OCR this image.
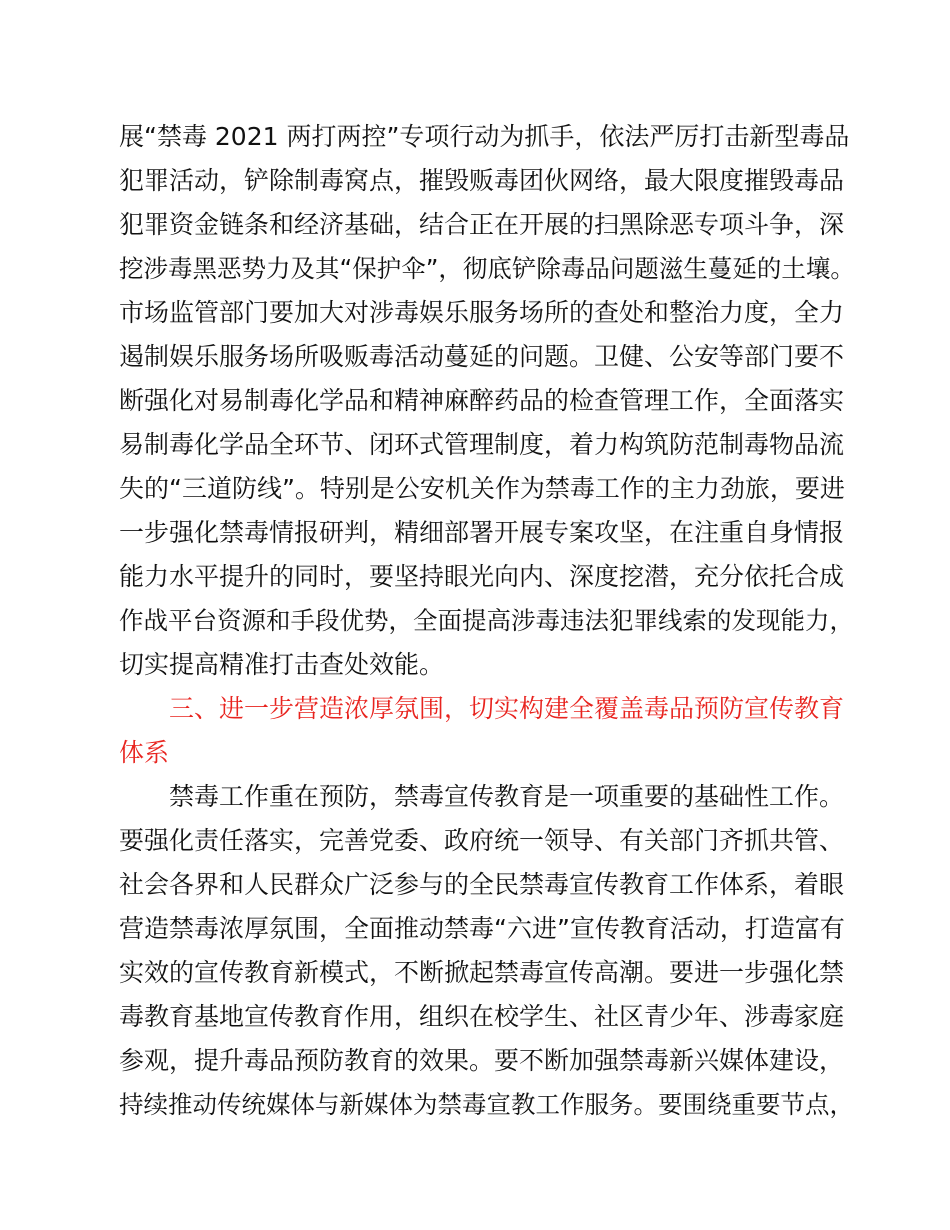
展“禁毒 2021 两打两控”专项行动为抓手，依法严厉打击新型毒品
犯罪活动，铲除制毒窝点，摧毁贩毒团伙网络，最大限度摧毁毒品
犯罪资金链条和经济基础，结合正在开展的扫黑除恶专项斗争，深
挖涉毒黑恶势力及其“保护伞”，彻底铲除毒品问题滋生蔓延的土壤。
市场监管部门要加大对涉毒娱乐服务场所的查处和整治力度，全力
遏制娱乐服务场所吸贩毒活动蔓延的问题。卫健、公安等部门要不
断强化对易制毒化学品和精神麻醉药品的检查管理工作，全面落实
易制毒化学品全环节、闭环式管理制度，着力构筑防范制毒物品流
失的“三道防线”。特别是公安机关作为禁毒工作的主力劲旅，要进
一步强化禁毒情报研判，精细部署开展专案攻坚，在注重自身情报
能力水平提升的同时，要坚持眼光向内、深度挖潜，充分依托合成
作战平台资源和手段优势，全面提高涉毒违法犯罪线索的发现能力，
切实提高精准打击查处效能。
三、进一步营造浓厚氛围，切实构建全覆盖毒品预防宣传教育
体系
禁毒工作重在预防，禁毒宣传教育是一项重要的基础性工作。
要强化责任落实，完善党委、政府统一领导、有关部门齐抓共管、
社会各界和人民群众广泛参与的全民禁毒宣传教育工作体系，着眼
营造禁毒浓厚氛围，全面推动禁毒“六进”宣传教育活动，打造富有
实效的宣传教育新模式，不断掀起禁毒宣传高潮。要进一步强化禁
毒教育基地宣传教育作用，组织在校学生、社区青少年、涉毒家庭
参观，提升毒品预防教育的效果。要不断加强禁毒新兴媒体建设，
持续推动传统媒体与新媒体为禁毒宣教工作服务。要围绕重要节点，
